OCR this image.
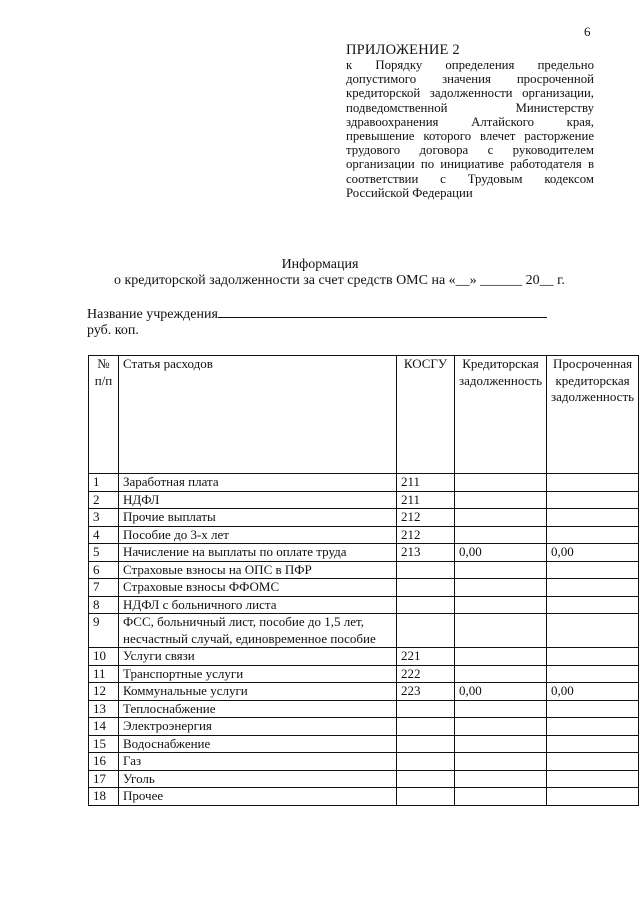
6
ПРИЛОЖЕНИЕ 2
к Порядку определения предельно допустимого значения просроченной кредиторской задолженности организации, подведомственной Министерству здравоохранения Алтайского края, превышение которого влечет расторжение трудового договора с руководителем организации по инициативе работодателя в соответствии с Трудовым кодексом Российской Федерации
Информация
о кредиторской задолженности за счет средств ОМС на «__» ______ 20__ г.
Название учреждения
руб. коп.
№ п/п	Статья расходов	КОСГУ	Кредиторская задолженность	Просроченная кредиторская задолженность
1	Заработная плата	211		
2	НДФЛ	211		
3	Прочие выплаты	212		
4	Пособие до 3-х лет	212		
5	Начисление на выплаты по оплате труда	213	0,00	0,00
6	Страховые взносы на ОПС в ПФР			
7	Страховые взносы ФФОМС			
8	НДФЛ с больничного листа			
9	ФСС, больничный лист, пособие до 1,5 лет, несчастный случай, единовременное пособие			
10	Услуги связи	221		
11	Транспортные услуги	222		
12	Коммунальные услуги	223	0,00	0,00
13	Теплоснабжение			
14	Электроэнергия			
15	Водоснабжение			
16	Газ			
17	Уголь			
18	Прочее			
